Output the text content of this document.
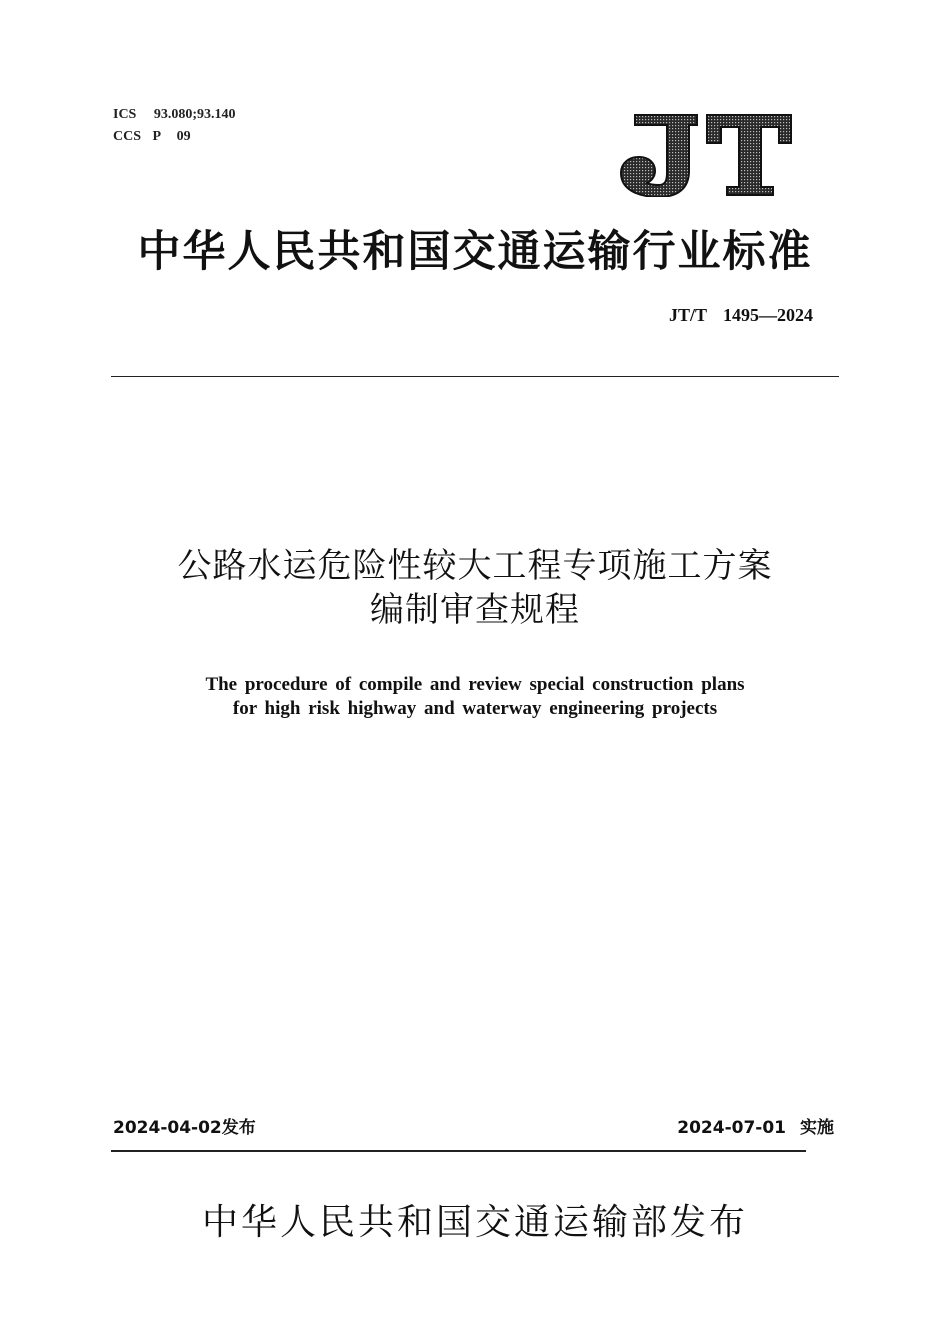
ICS 93.080;93.140
CCS P 09
中华人民共和国交通运输行业标准
JT/T 1495—2024
公路水运危险性较大工程专项施工方案
编制审查规程
The procedure of compile and review special construction plans
for high risk highway and waterway engineering projects
2024-04-02发布	2024-07-01 实施
中华人民共和国交通运输部发布
